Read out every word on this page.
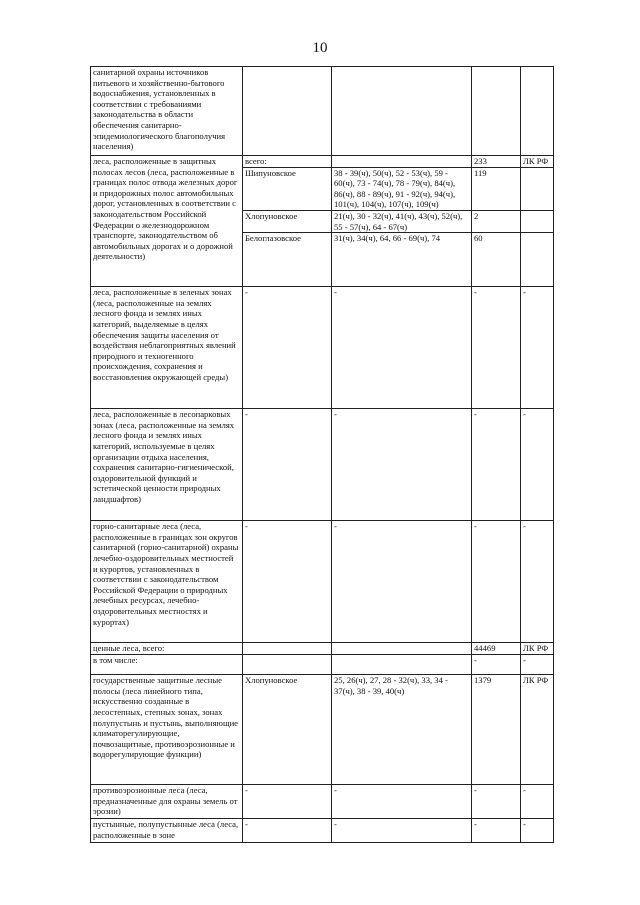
10
санитарной охраны источников питьевого и хозяйственно-бытового водоснабжения, установленных в соответствии с требованиями законодательства в области обеспечения санитарно-эпидемиологического благополучия населения)				
леса, расположенные в защитных полосах лесов (леса, расположенные в границах полос отвода железных дорог и придорожных полос автомобильных дорог, установленных в соответствии с законодательством Российской Федерации о железнодорожном транспорте, законодательством об автомобильных дорогах и о дорожной деятельности)	всего:		233	ЛК РФ
	Шипуновское	38 - 39(ч), 50(ч), 52 - 53(ч), 59 - 60(ч), 73 - 74(ч), 78 - 79(ч), 84(ч), 86(ч), 88 - 89(ч), 91 - 92(ч), 94(ч), 101(ч), 104(ч), 107(ч), 109(ч)	119	
	Хлопуновское	21(ч), 30 - 32(ч), 41(ч), 43(ч), 52(ч), 55 - 57(ч), 64 - 67(ч)	2	
	Белоглазовское	31(ч), 34(ч), 64, 66 - 69(ч), 74	60	
леса, расположенные в зеленых зонах (леса, расположенные на землях лесного фонда и землях иных категорий, выделяемые в целях обеспечения защиты населения от воздействия неблагоприятных явлений природного и техногенного происхождения, сохранения и восстановления окружающей среды)	-	-	-	-
леса, расположенные в лесопарковых зонах (леса, расположенные на землях лесного фонда и землях иных категорий, используемые в целях организации отдыха населения, сохранения санитарно-гигиенической, оздоровительной функций и эстетической ценности природных ландшафтов)	-	-	-	-
горно-санитарные леса (леса, расположенные в границах зон округов санитарной (горно-санитарной) охраны лечебно-оздоровительных местностей и курортов, установленных в соответствии с законодательством Российской Федерации о природных лечебных ресурсах, лечебно-оздоровительных местностях и курортах)	-	-	-	-
ценные леса, всего:			44469	ЛК РФ
в том числе:			-	-
государственные защитные лесные полосы (леса линейного типа, искусственно созданные в лесостепных, степных зонах, зонах полупустынь и пустынь, выполняющие климаторегулирующие, почвозащитные, противоэрозионные и водорегулирующие функции)	Хлопуновское	25, 26(ч), 27, 28 - 32(ч), 33, 34 - 37(ч), 38 - 39, 40(ч)	1379	ЛК РФ
противоэрозионные леса (леса, предназначенные для охраны земель от эрозии)	-	-	-	-
пустынные, полупустынные леса (леса, расположенные в зоне	-	-	-	-
